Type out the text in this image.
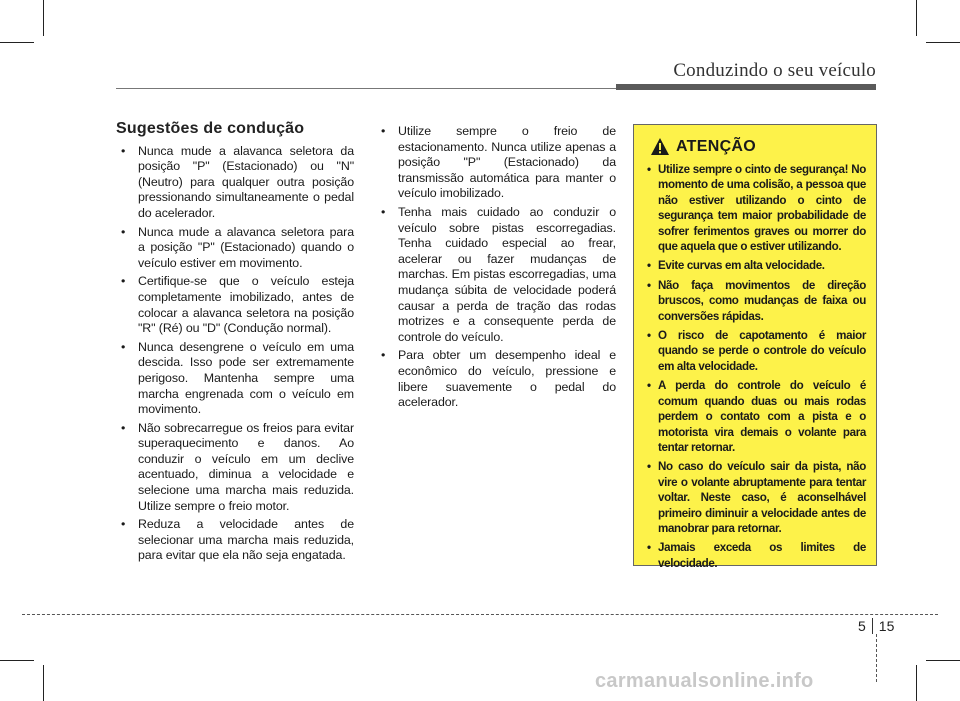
Conduzindo o seu veículo
Sugestões de condução
• Nunca mude a alavanca seletora da posição "P" (Estacionado) ou "N" (Neutro) para qualquer outra posição pressionando simultaneamente o pedal do acelerador.
• Nunca mude a alavanca seletora para a posição "P" (Estacionado) quando o veículo estiver em movimento.
• Certifique-se que o veículo esteja completamente imobilizado, antes de colocar a alavanca seletora na posição "R" (Ré) ou "D" (Condução normal).
• Nunca desengrene o veículo em uma descida. Isso pode ser extremamente perigoso. Mantenha sempre uma marcha engrenada com o veículo em movimento.
• Não sobrecarregue os freios para evitar superaquecimento e danos. Ao conduzir o veículo em um declive acentuado, diminua a velocidade e selecione uma marcha mais reduzida. Utilize sempre o freio motor.
• Reduza a velocidade antes de selecionar uma marcha mais reduzida, para evitar que ela não seja engatada.
• Utilize sempre o freio de estacionamento. Nunca utilize apenas a posição "P" (Estacionado) da transmissão automática para manter o veículo imobilizado.
• Tenha mais cuidado ao conduzir o veículo sobre pistas escorregadias. Tenha cuidado especial ao frear, acelerar ou fazer mudanças de marchas. Em pistas escorregadias, uma mudança súbita de velocidade poderá causar a perda de tração das rodas motrizes e a consequente perda de controle do veículo.
• Para obter um desempenho ideal e econômico do veículo, pressione e libere suavemente o pedal do acelerador.
ATENÇÃO
• Utilize sempre o cinto de segurança! No momento de uma colisão, a pessoa que não estiver utilizando o cinto de segurança tem maior probabilidade de sofrer ferimentos graves ou morrer do que aquela que o estiver utilizando.
• Evite curvas em alta velocidade.
• Não faça movimentos de direção bruscos, como mudanças de faixa ou conversões rápidas.
• O risco de capotamento é maior quando se perde o controle do veículo em alta velocidade.
• A perda do controle do veículo é comum quando duas ou mais rodas perdem o contato com a pista e o motorista vira demais o volante para tentar retornar.
• No caso do veículo sair da pista, não vire o volante abruptamente para tentar voltar. Neste caso, é aconselhável primeiro diminuir a velocidade antes de manobrar para retornar.
• Jamais exceda os limites de velocidade.
5 15
carmanualsonline.info
